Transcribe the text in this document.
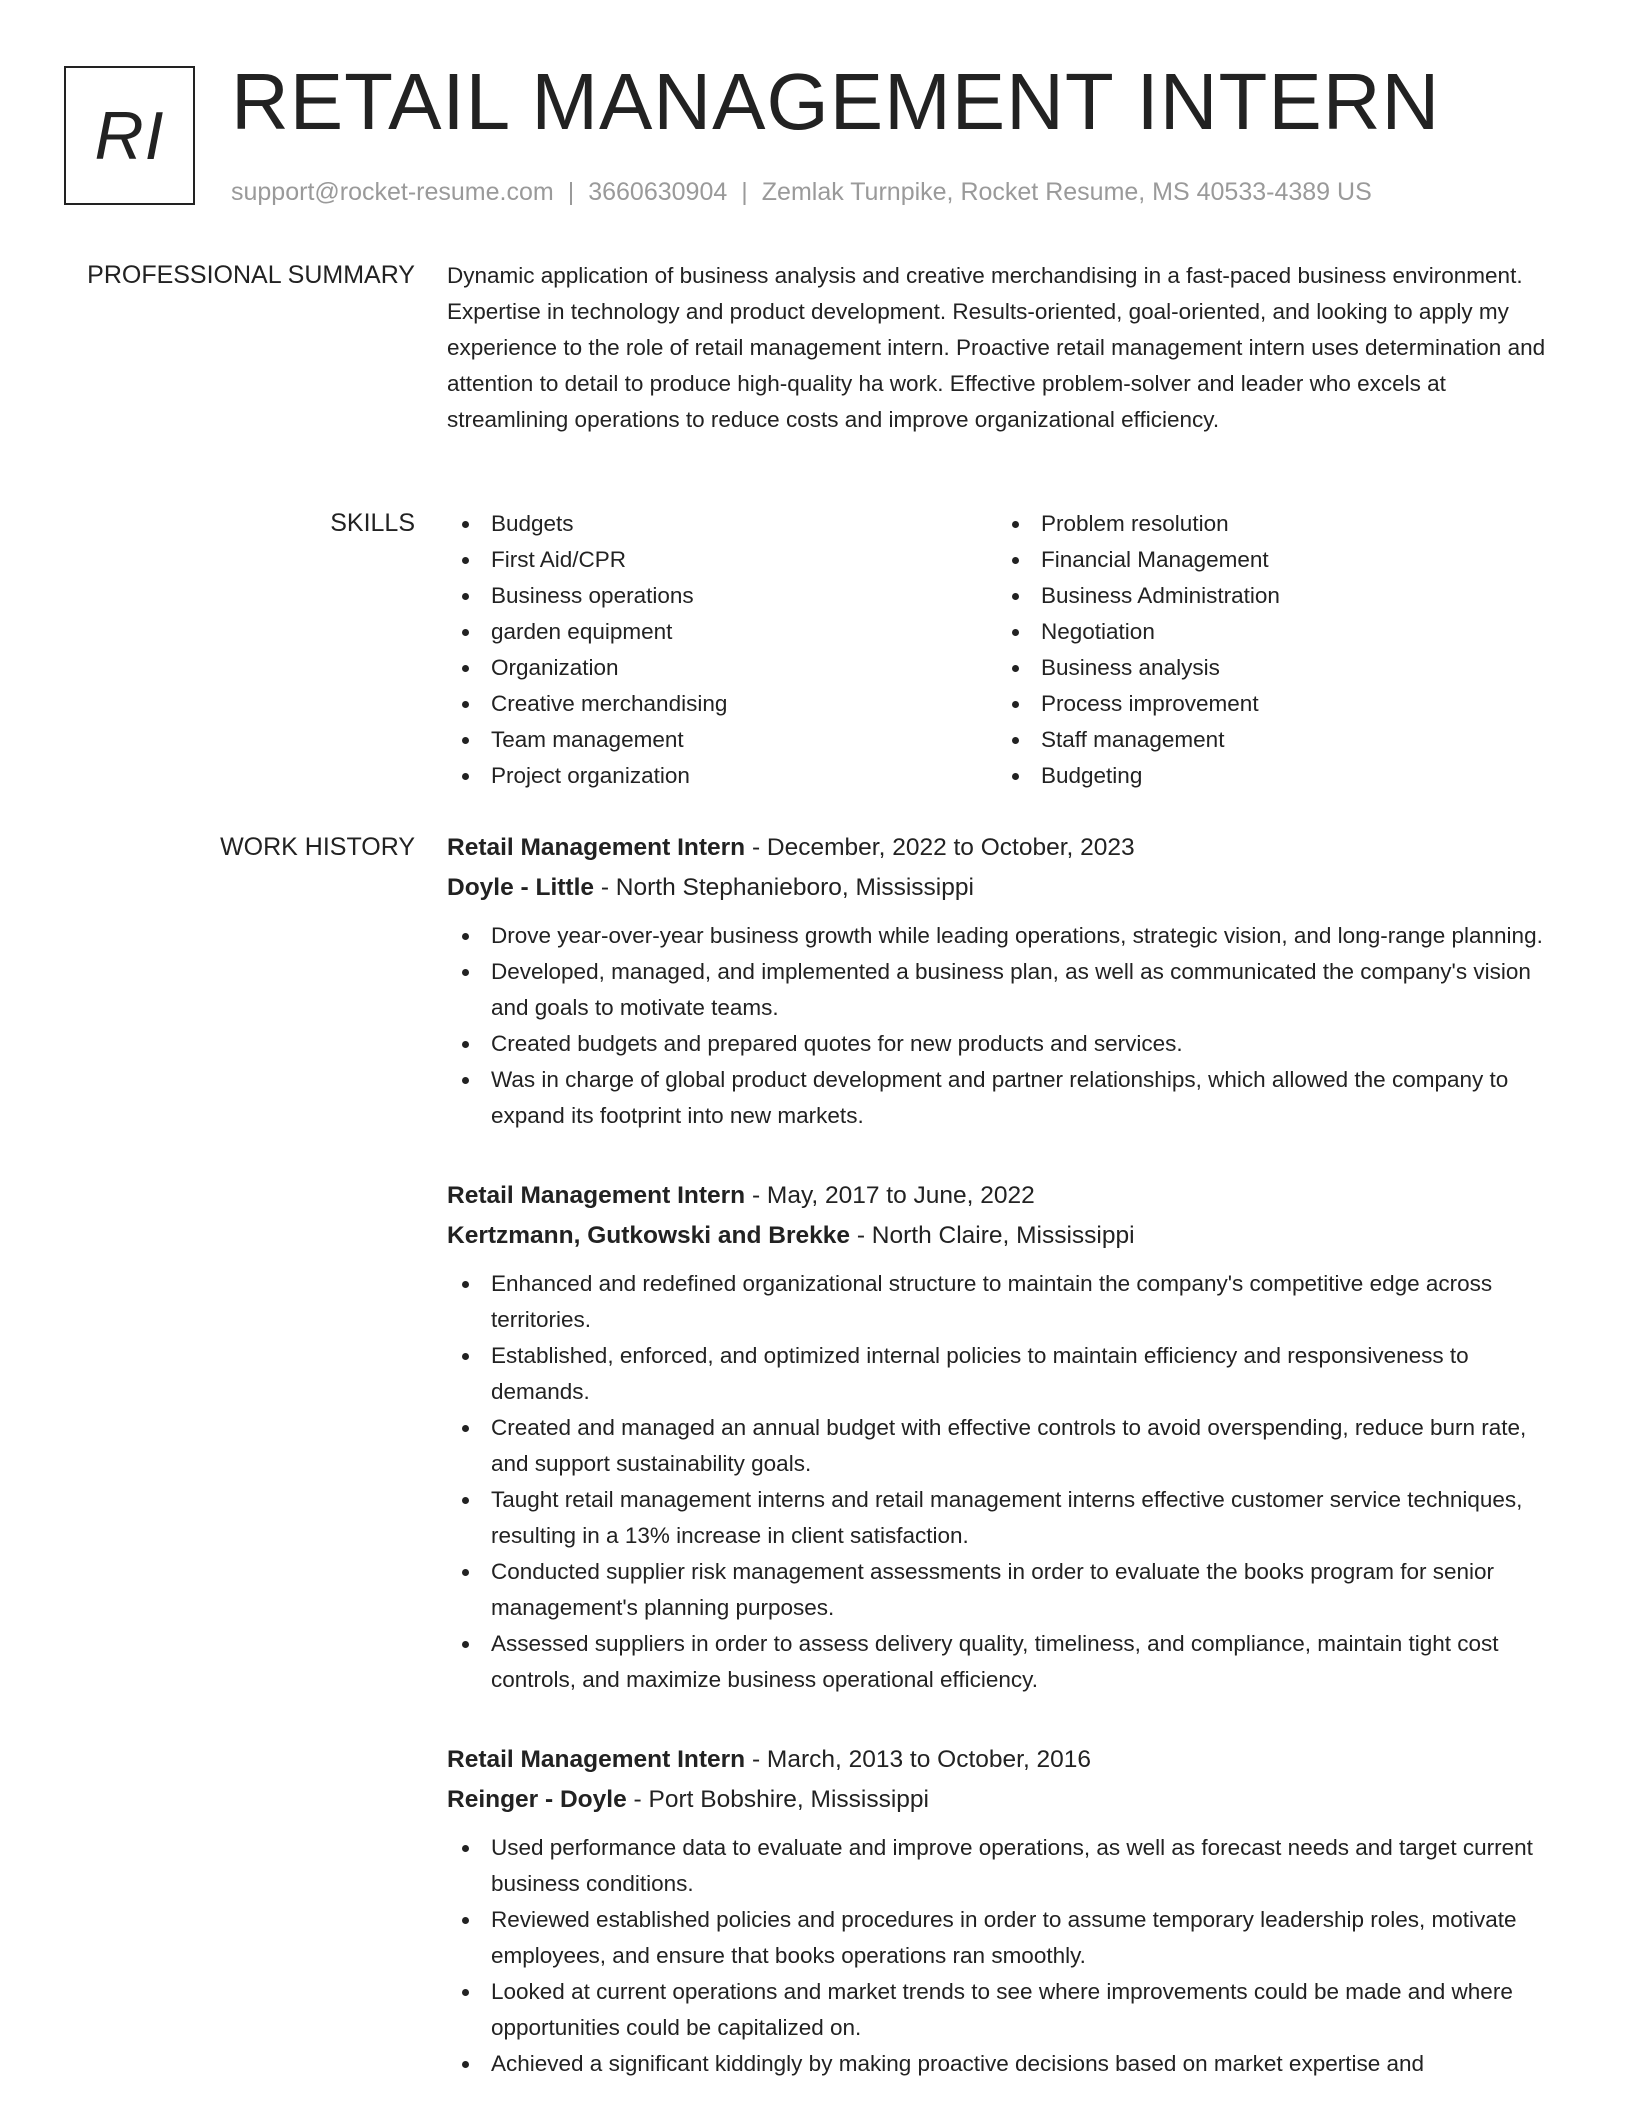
RI RETAIL MANAGEMENT INTERN
support@rocket-resume.com | 3660630904 | Zemlak Turnpike, Rocket Resume, MS 40533-4389 US
PROFESSIONAL SUMMARY Dynamic application of business analysis and creative merchandising in a fast-paced business environment. Expertise in technology and product development. Results-oriented, goal-oriented, and looking to apply my experience to the role of retail management intern. Proactive retail management intern uses determination and attention to detail to produce high-quality ha work. Effective problem-solver and leader who excels at streamlining operations to reduce costs and improve organizational efficiency.

SKILLS	Budgets
First Aid/CPR
Business operations
garden equipment
Organization
Creative merchandising
Team management
Project organization
Problem resolution
Financial Management
Business Administration
Negotiation
Business analysis
Process improvement
Staff management
Budgeting
WORK HISTORY Retail Management Intern - December, 2022 to October, 2023
Doyle - Little - North Stephanieboro, Mississippi
Drove year-over-year business growth while leading operations, strategic vision, and long-range planning.
Developed, managed, and implemented a business plan, as well as communicated the company's vision and goals to motivate teams.
Created budgets and prepared quotes for new products and services.
Was in charge of global product development and partner relationships, which allowed the company to expand its footprint into new markets.
Retail Management Intern - May, 2017 to June, 2022
Kertzmann, Gutkowski and Brekke - North Claire, Mississippi
Enhanced and redefined organizational structure to maintain the company's competitive edge across territories.
Established, enforced, and optimized internal policies to maintain efficiency and responsiveness to demands.
Created and managed an annual budget with effective controls to avoid overspending, reduce burn rate, and support sustainability goals.
Taught retail management interns and retail management interns effective customer service techniques, resulting in a 13% increase in client satisfaction.
Conducted supplier risk management assessments in order to evaluate the books program for senior management's planning purposes.
Assessed suppliers in order to assess delivery quality, timeliness, and compliance, maintain tight cost controls, and maximize business operational efficiency.
Retail Management Intern - March, 2013 to October, 2016
Reinger - Doyle - Port Bobshire, Mississippi
Used performance data to evaluate and improve operations, as well as forecast needs and target current business conditions.
Reviewed established policies and procedures in order to assume temporary leadership roles, motivate employees, and ensure that books operations ran smoothly.
Looked at current operations and market trends to see where improvements could be made and where opportunities could be capitalized on.
Achieved a significant kiddingly by making proactive decisions based on market expertise and
